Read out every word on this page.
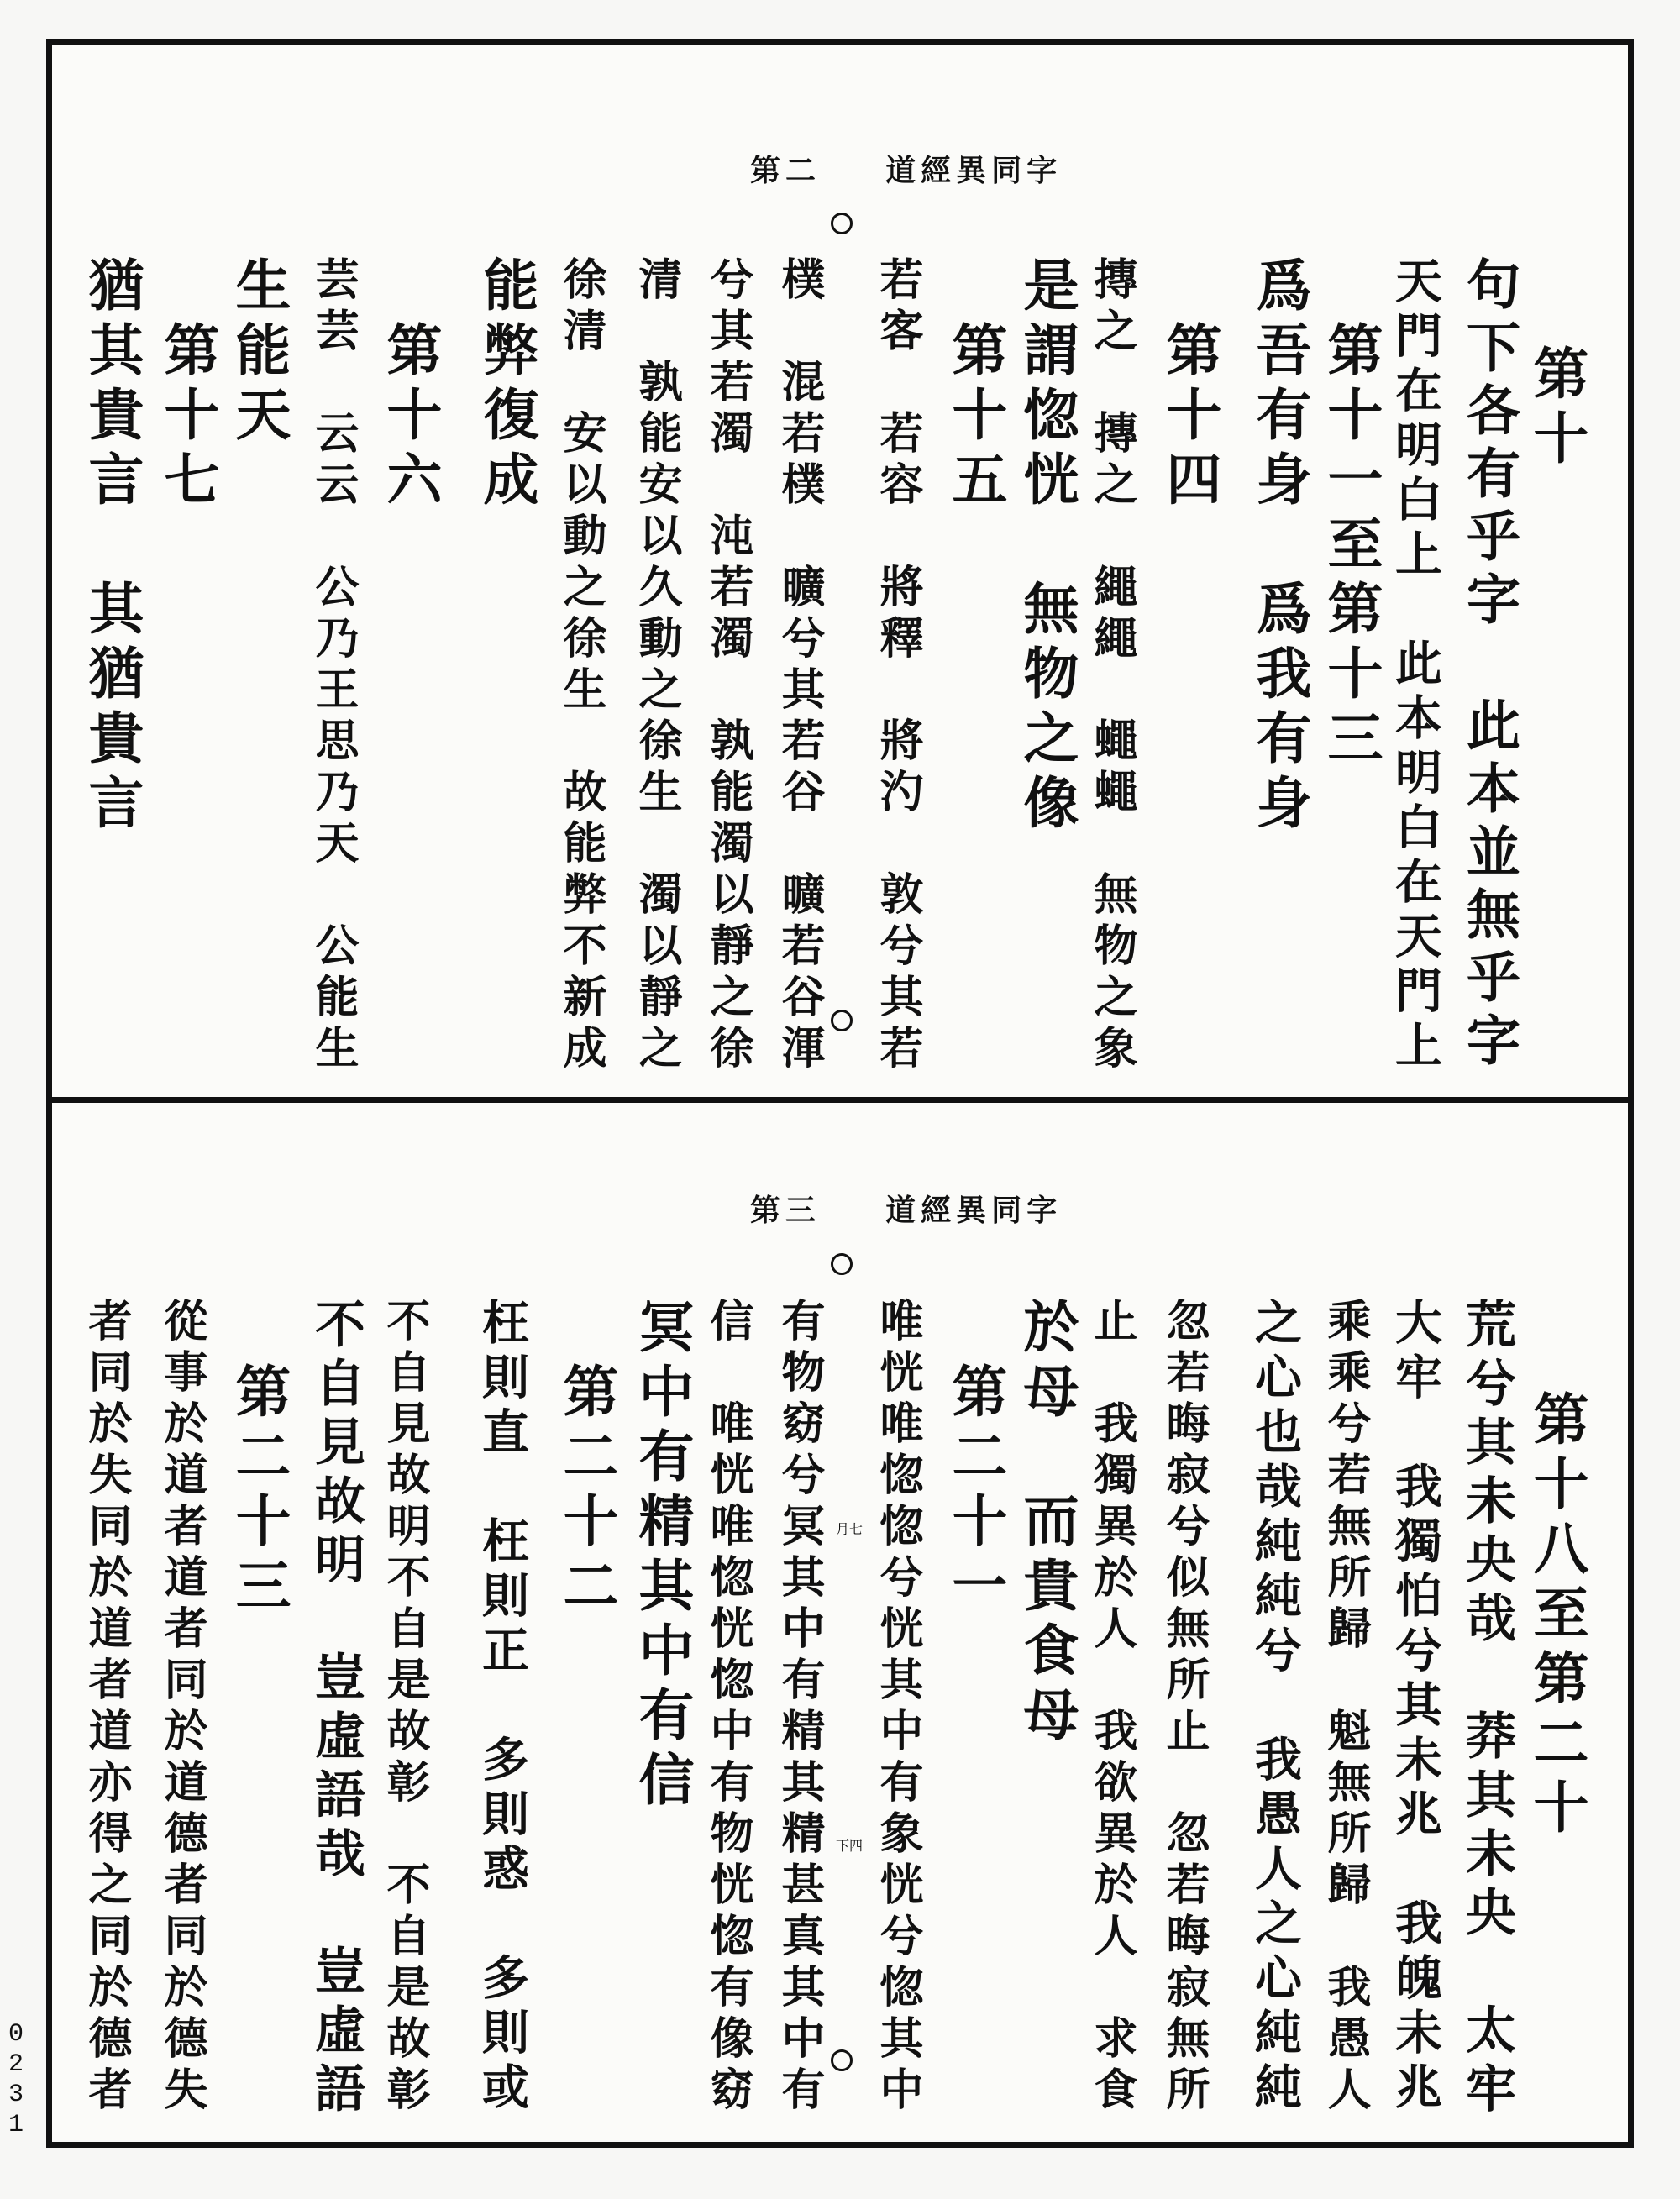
0231
第二 道經異同字
第十
句下各有乎字　此本並無乎字
天門在明白上　此本明白在天門上
　第十一至第十三
爲吾有身　爲我有身
　第十四
摶之　摶之　繩繩　蠅蠅　無物之象
是謂惚恍　無物之像
　第十五
若客　若容　將釋　將汋　敦兮其若
樸　混若樸　曠兮其若谷　曠若谷渾
兮其若濁　沌若濁　孰能濁以靜之徐
清　孰能安以久動之徐生　濁以靜之
徐清　安以動之徐生　故能弊不新成
能弊復成
　第十六
芸芸　云云　公乃王思乃天　公能生
生能天
　第十七
猶其貴言　其猶貴言
第三 道經異同字
第十八至第二十
荒兮其未央哉　莽其未央　太牢
大牢　我獨怕兮其未兆　我魄未兆
乘乘兮若無所歸　魁無所歸　我愚人
之心也哉純純兮　我愚人之心純純
忽若晦寂兮似無所止　忽若晦寂無所
止　我獨異於人　我欲異於人　求食
於母　而貴食母
　第二十一
唯恍唯惚惚兮恍其中有象恍兮惚其中
有物窈兮冥其中有精其精甚真其中有
信　唯恍唯惚恍惚中有物恍惚有像窈
冥中有精其中有信
　第二十二
枉則直　枉則正　多則惑　多則或
不自見故明不自是故彰　不自是故彰
不自見故明　豈虛語哉　豈虛語
　第二十三
從事於道者道者同於道德者同於德失
者同於失同於道者道亦得之同於德者	月七
下四
